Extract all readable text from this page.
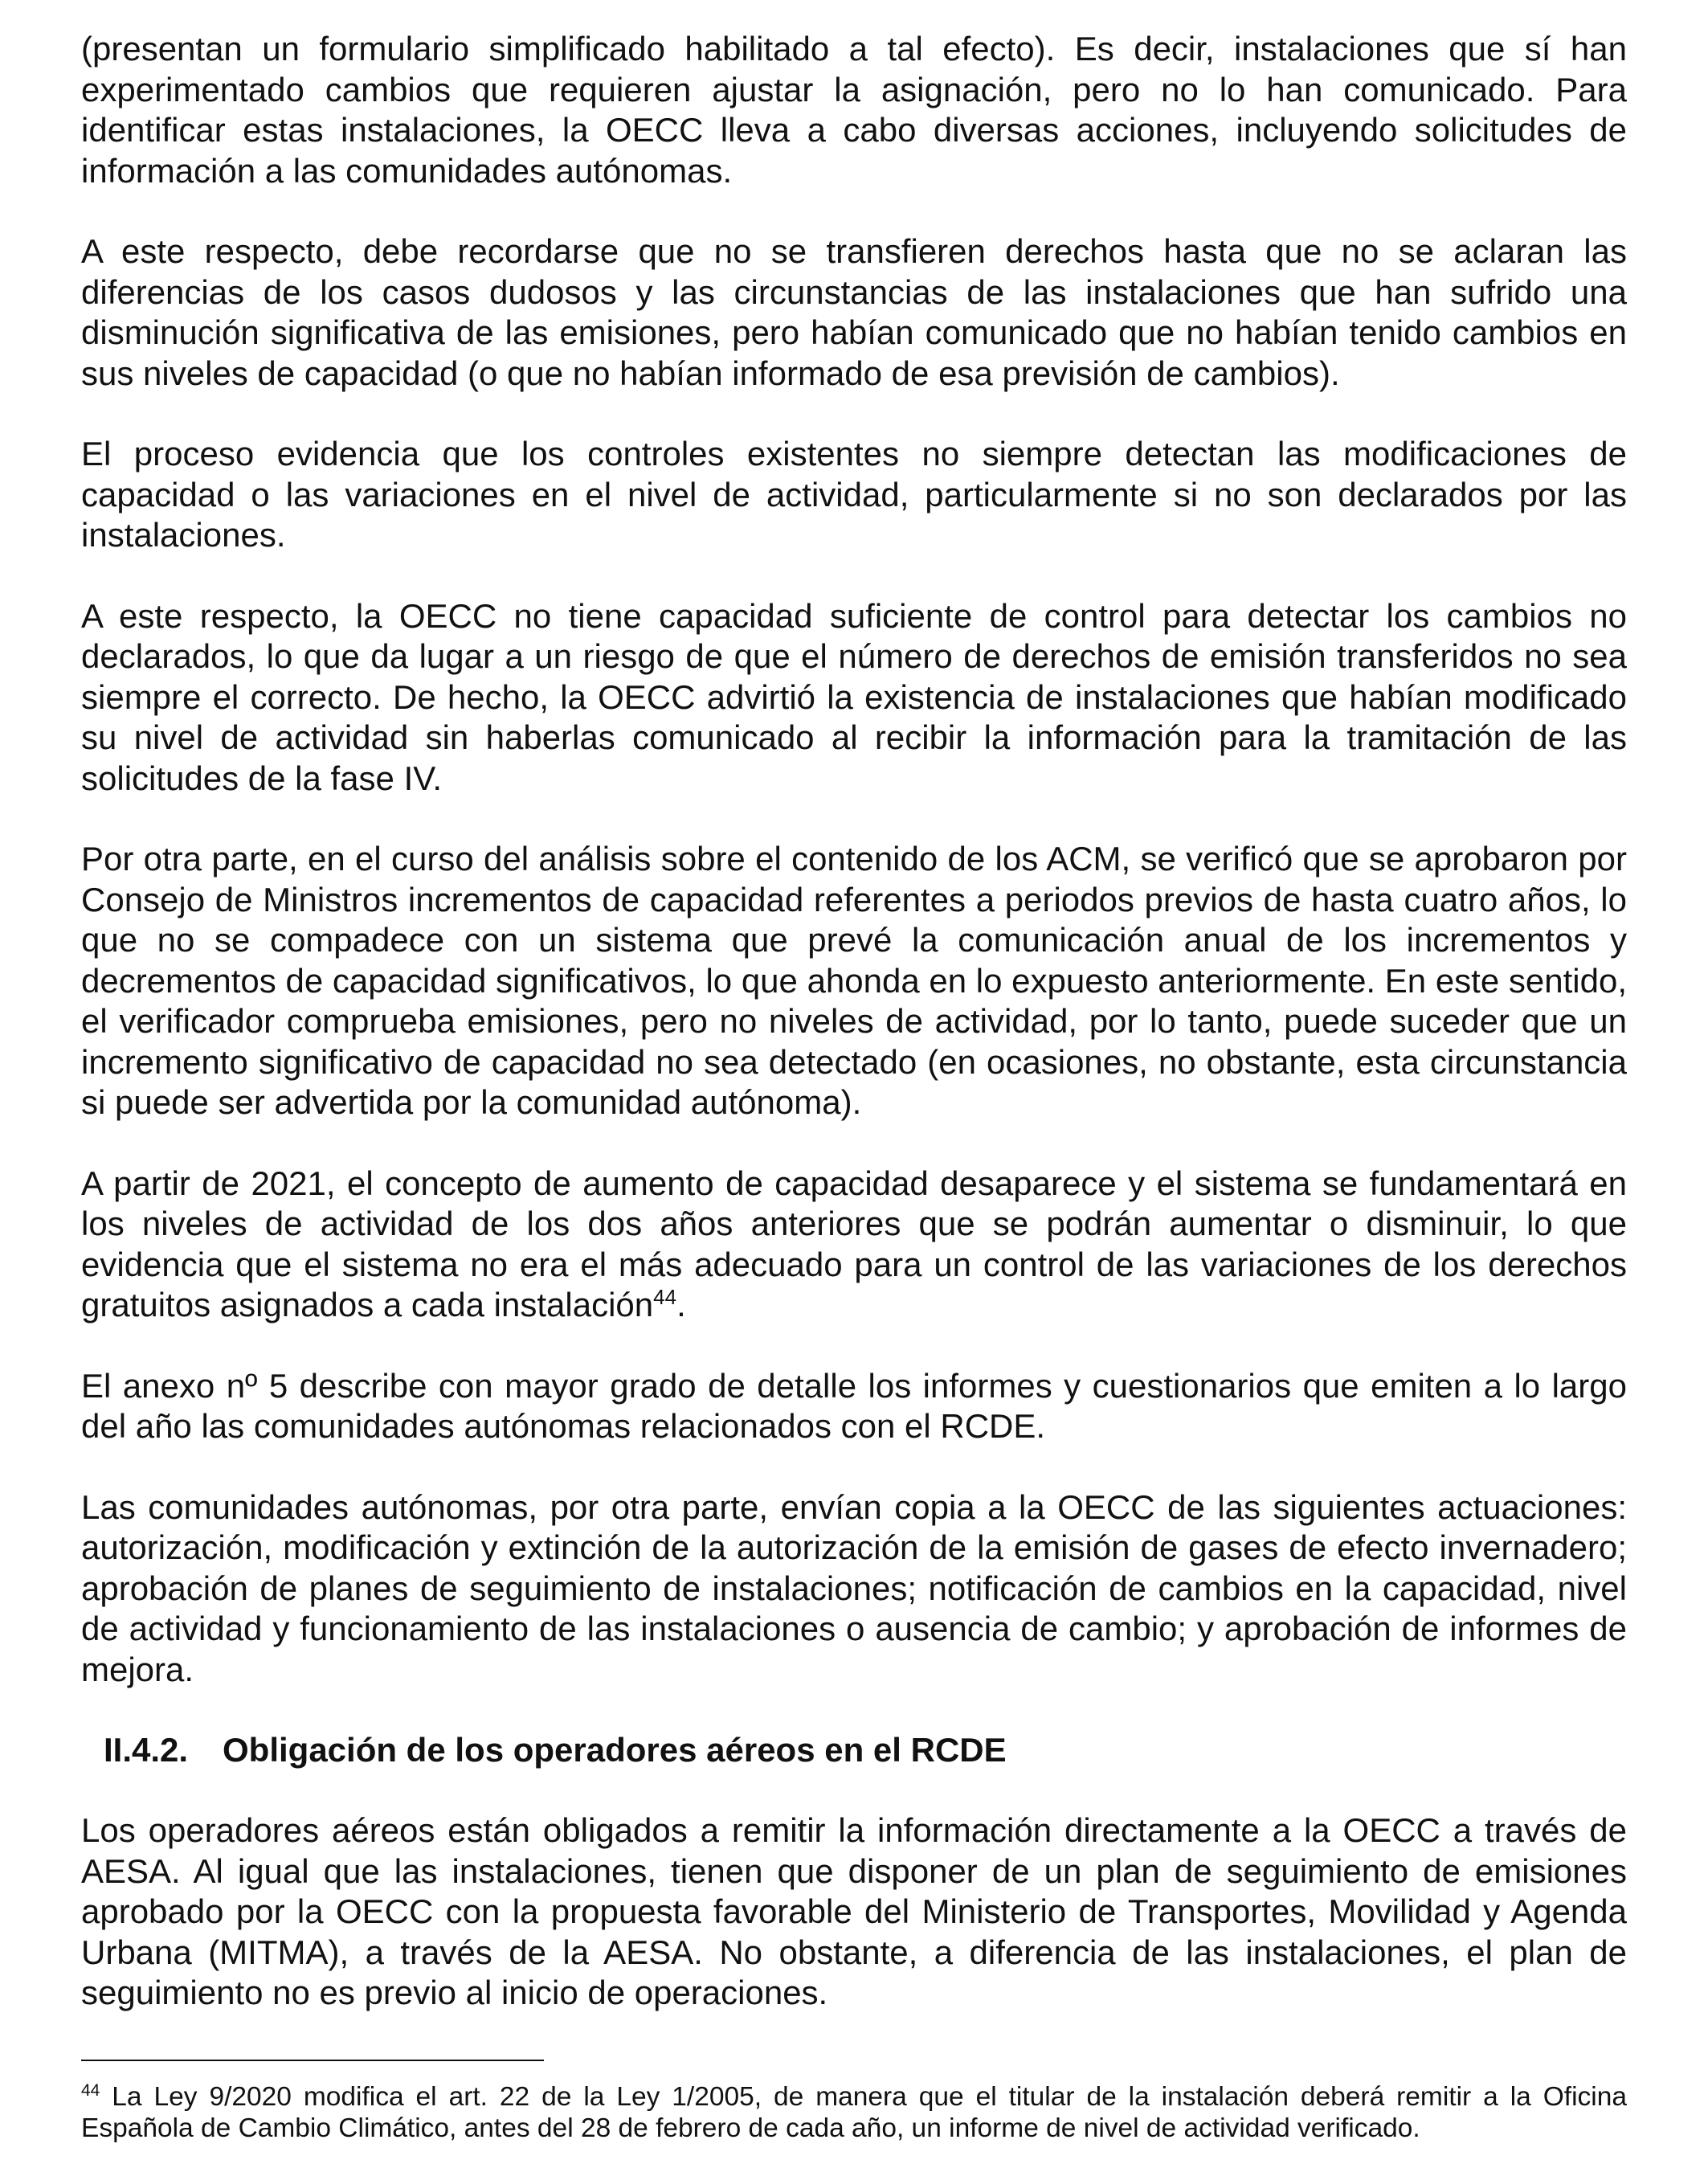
(presentan un formulario simplificado habilitado a tal efecto). Es decir, instalaciones que sí han experimentado cambios que requieren ajustar la asignación, pero no lo han comunicado. Para identificar estas instalaciones, la OECC lleva a cabo diversas acciones, incluyendo solicitudes de información a las comunidades autónomas.

A este respecto, debe recordarse que no se transfieren derechos hasta que no se aclaran las diferencias de los casos dudosos y las circunstancias de las instalaciones que han sufrido una disminución significativa de las emisiones, pero habían comunicado que no habían tenido cambios en sus niveles de capacidad (o que no habían informado de esa previsión de cambios).

El proceso evidencia que los controles existentes no siempre detectan las modificaciones de capacidad o las variaciones en el nivel de actividad, particularmente si no son declarados por las instalaciones.

A este respecto, la OECC no tiene capacidad suficiente de control para detectar los cambios no declarados, lo que da lugar a un riesgo de que el número de derechos de emisión transferidos no sea siempre el correcto. De hecho, la OECC advirtió la existencia de instalaciones que habían modificado su nivel de actividad sin haberlas comunicado al recibir la información para la tramitación de las solicitudes de la fase IV.

Por otra parte, en el curso del análisis sobre el contenido de los ACM, se verificó que se aprobaron por Consejo de Ministros incrementos de capacidad referentes a periodos previos de hasta cuatro años, lo que no se compadece con un sistema que prevé la comunicación anual de los incrementos y decrementos de capacidad significativos, lo que ahonda en lo expuesto anteriormente. En este sentido, el verificador comprueba emisiones, pero no niveles de actividad, por lo tanto, puede suceder que un incremento significativo de capacidad no sea detectado (en ocasiones, no obstante, esta circunstancia si puede ser advertida por la comunidad autónoma).

A partir de 2021, el concepto de aumento de capacidad desaparece y el sistema se fundamentará en los niveles de actividad de los dos años anteriores que se podrán aumentar o disminuir, lo que evidencia que el sistema no era el más adecuado para un control de las variaciones de los derechos gratuitos asignados a cada instalación$^{44}$.

El anexo nº 5 describe con mayor grado de detalle los informes y cuestionarios que emiten a lo largo del año las comunidades autónomas relacionados con el RCDE.

Las comunidades autónomas, por otra parte, envían copia a la OECC de las siguientes actuaciones: autorización, modificación y extinción de la autorización de la emisión de gases de efecto invernadero; aprobación de planes de seguimiento de instalaciones; notificación de cambios en la capacidad, nivel de actividad y funcionamiento de las instalaciones o ausencia de cambio; y aprobación de informes de mejora.

II.4.2.	Obligación de los operadores aéreos en el RCDE

Los operadores aéreos están obligados a remitir la información directamente a la OECC a través de AESA. Al igual que las instalaciones, tienen que disponer de un plan de seguimiento de emisiones aprobado por la OECC con la propuesta favorable del Ministerio de Transportes, Movilidad y Agenda Urbana (MITMA), a través de la AESA. No obstante, a diferencia de las instalaciones, el plan de seguimiento no es previo al inicio de operaciones.

$^{44}$ La Ley 9/2020 modifica el art. 22 de la Ley 1/2005, de manera que el titular de la instalación deberá remitir a la Oficina Española de Cambio Climático, antes del 28 de febrero de cada año, un informe de nivel de actividad verificado.
